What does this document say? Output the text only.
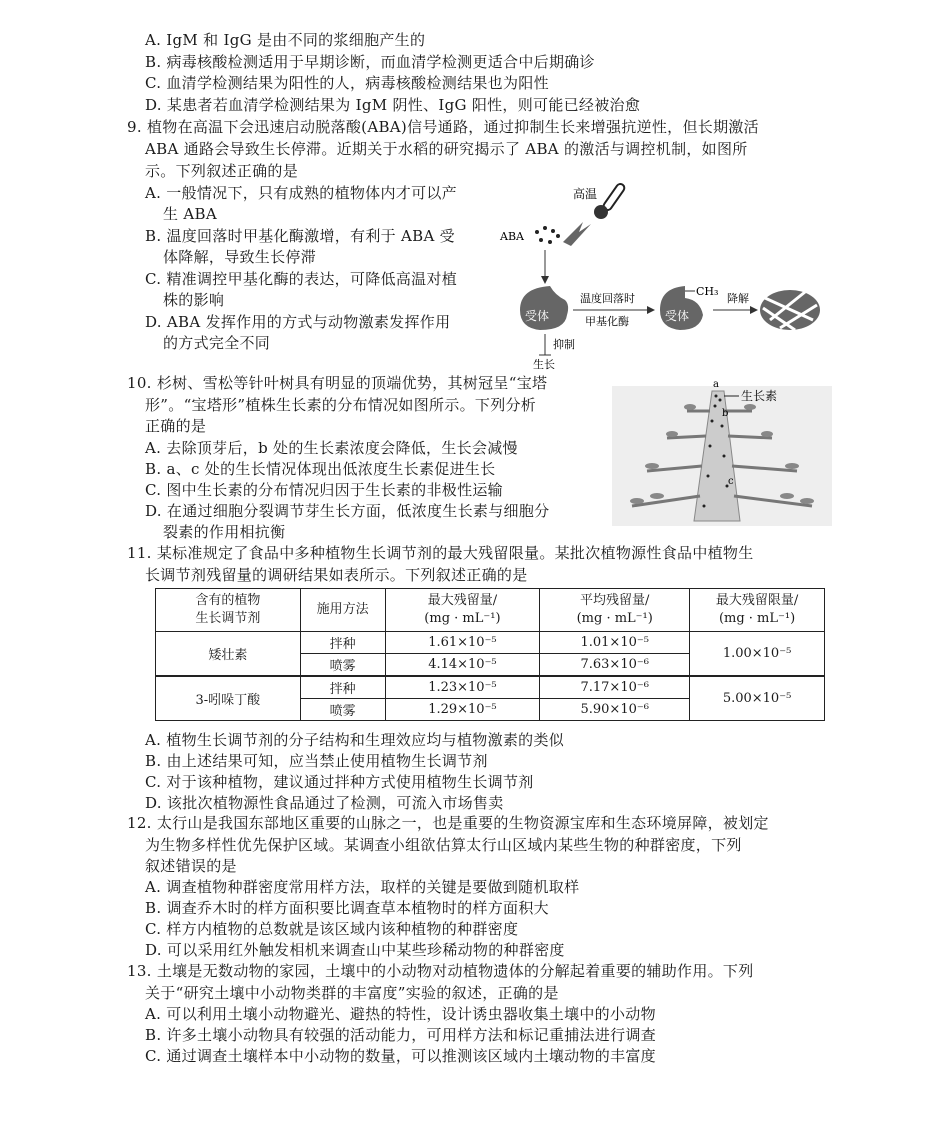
A. IgM 和 IgG 是由不同的浆细胞产生的
B. 病毒核酸检测适用于早期诊断，而血清学检测更适合中后期确诊
C. 血清学检测结果为阳性的人，病毒核酸检测结果也为阳性
D. 某患者若血清学检测结果为 IgM 阴性、IgG 阳性，则可能已经被治愈
9. 植物在高温下会迅速启动脱落酸(ABA)信号通路，通过抑制生长来增强抗逆性，但长期激活
ABA 通路会导致生长停滞。近期关于水稻的研究揭示了 ABA 的激活与调控机制，如图所
示。下列叙述正确的是
A. 一般情况下，只有成熟的植物体内才可以产
生 ABA
B. 温度回落时甲基化酶激增，有利于 ABA 受
体降解，导致生长停滞
C. 精准调控甲基化酶的表达，可降低高温对植
株的影响
D. ABA 发挥作用的方式与动物激素发挥作用
的方式完全不同
高温
ABA
受体
温度回落时
甲基化酶	受体
CH₃
降解
抑制
生长
10. 杉树、雪松等针叶树具有明显的顶端优势，其树冠呈“宝塔
形”。“宝塔形”植株生长素的分布情况如图所示。下列分析
正确的是
A. 去除顶芽后，b 处的生长素浓度会降低，生长会减慢
B. a、c 处的生长情况体现出低浓度生长素促进生长
C. 图中生长素的分布情况归因于生长素的非极性运输
D. 在通过细胞分裂调节芽生长方面，低浓度生长素与细胞分
裂素的作用相抗衡
a
b
c
生长素
11. 某标准规定了食品中多种植物生长调节剂的最大残留限量。某批次植物源性食品中植物生
长调节剂残留量的调研结果如表所示。下列叙述正确的是
含有的植物
生长调节剂	施用方法	最大残留量/
(mg · mL⁻¹)	平均残留量/
(mg · mL⁻¹)	最大残留限量/
(mg · mL⁻¹)
矮壮素	拌种	1.61×10⁻⁵	1.01×10⁻⁵	1.00×10⁻⁵
	喷雾	4.14×10⁻⁵	7.63×10⁻⁶	
3-吲哚丁酸	拌种	1.23×10⁻⁵	7.17×10⁻⁶	5.00×10⁻⁵
	喷雾	1.29×10⁻⁵	5.90×10⁻⁶	
A. 植物生长调节剂的分子结构和生理效应均与植物激素的类似
B. 由上述结果可知，应当禁止使用植物生长调节剂
C. 对于该种植物，建议通过拌种方式使用植物生长调节剂
D. 该批次植物源性食品通过了检测，可流入市场售卖
12. 太行山是我国东部地区重要的山脉之一，也是重要的生物资源宝库和生态环境屏障，被划定
为生物多样性优先保护区域。某调查小组欲估算太行山区域内某些生物的种群密度，下列
叙述错误的是
A. 调查植物种群密度常用样方法，取样的关键是要做到随机取样
B. 调查乔木时的样方面积要比调查草本植物时的样方面积大
C. 样方内植物的总数就是该区域内该种植物的种群密度
D. 可以采用红外触发相机来调查山中某些珍稀动物的种群密度
13. 土壤是无数动物的家园，土壤中的小动物对动植物遗体的分解起着重要的辅助作用。下列
关于“研究土壤中小动物类群的丰富度”实验的叙述，正确的是
A. 可以利用土壤小动物避光、避热的特性，设计诱虫器收集土壤中的小动物
B. 许多土壤小动物具有较强的活动能力，可用样方法和标记重捕法进行调查
C. 通过调查土壤样本中小动物的数量，可以推测该区域内土壤动物的丰富度
